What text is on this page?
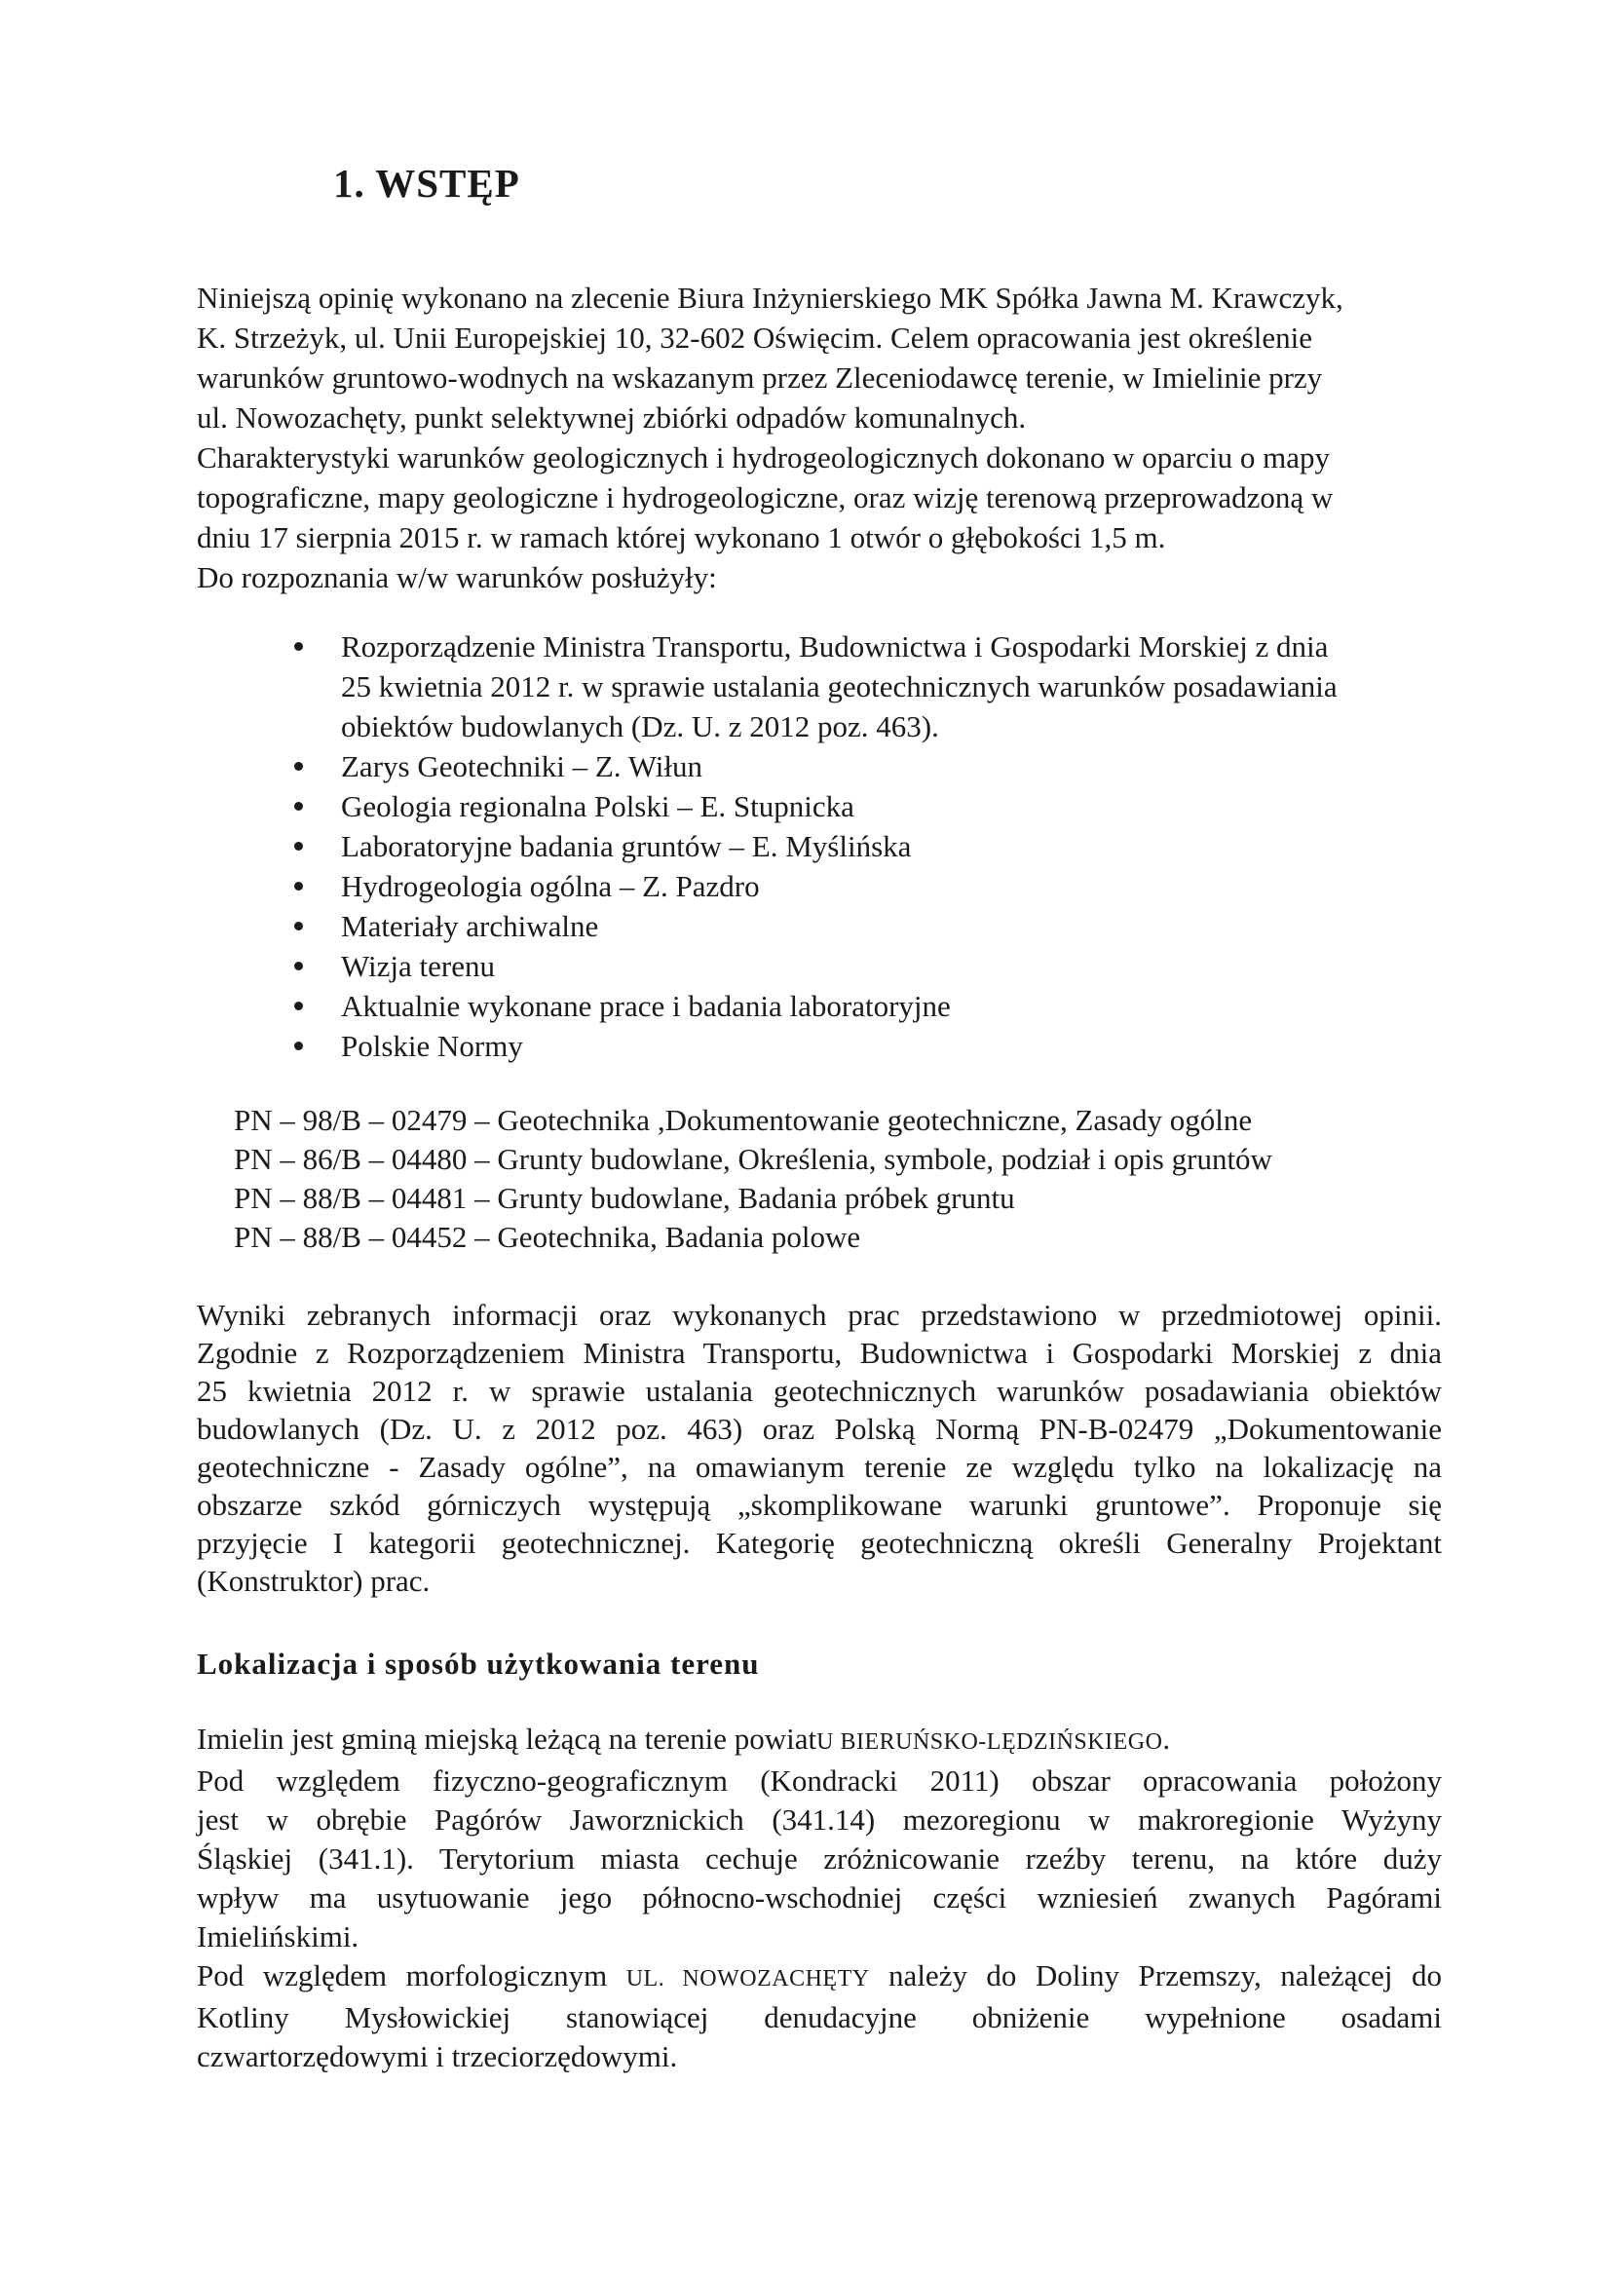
1. WSTĘP
Niniejszą opinię wykonano na zlecenie Biura Inżynierskiego MK Spółka Jawna M. Krawczyk,
K. Strzeżyk, ul. Unii Europejskiej 10, 32-602 Oświęcim. Celem opracowania jest określenie
warunków gruntowo-wodnych na wskazanym przez Zleceniodawcę terenie, w Imielinie przy
ul. Nowozachęty, punkt selektywnej zbiórki odpadów komunalnych.
Charakterystyki warunków geologicznych i hydrogeologicznych dokonano w oparciu o mapy
topograficzne, mapy geologiczne i hydrogeologiczne, oraz wizję terenową przeprowadzoną w
dniu 17 sierpnia 2015 r. w ramach której wykonano 1 otwór o głębokości 1,5 m.
Do rozpoznania w/w warunków posłużyły:
Rozporządzenie Ministra Transportu, Budownictwa i Gospodarki Morskiej z dnia
25 kwietnia 2012 r. w sprawie ustalania geotechnicznych warunków posadawiania
obiektów budowlanych (Dz. U. z 2012 poz. 463).
Zarys Geotechniki – Z. Wiłun
Geologia regionalna Polski – E. Stupnicka
Laboratoryjne badania gruntów – E. Myślińska
Hydrogeologia ogólna – Z. Pazdro
Materiały archiwalne
Wizja terenu
Aktualnie wykonane prace i badania laboratoryjne
Polskie Normy
PN – 98/B – 02479 – Geotechnika ,Dokumentowanie geotechniczne, Zasady ogólne
PN – 86/B – 04480 – Grunty budowlane, Określenia, symbole, podział i opis gruntów
PN – 88/B – 04481 – Grunty budowlane, Badania próbek gruntu
PN – 88/B – 04452 – Geotechnika, Badania polowe
Wyniki zebranych informacji oraz wykonanych prac przedstawiono w przedmiotowej opinii.
Zgodnie z Rozporządzeniem Ministra Transportu, Budownictwa i Gospodarki Morskiej z dnia
25 kwietnia 2012 r. w sprawie ustalania geotechnicznych warunków posadawiania obiektów
budowlanych (Dz. U. z 2012 poz. 463) oraz Polską Normą PN-B-02479 „Dokumentowanie
geotechniczne - Zasady ogólne”, na omawianym terenie ze względu tylko na lokalizację na
obszarze szkód górniczych występują „skomplikowane warunki gruntowe”. Proponuje się
przyjęcie I kategorii geotechnicznej. Kategorię geotechniczną określi Generalny Projektant
(Konstruktor) prac.
Lokalizacja i sposób użytkowania terenu
Imielin jest gminą miejską leżącą na terenie powiatU BIERUŃSKO-LĘDZIŃSKIEGO.
Pod względem fizyczno-geograficznym (Kondracki 2011) obszar opracowania położony
jest w obrębie Pagórów Jaworznickich (341.14) mezoregionu w makroregionie Wyżyny
Śląskiej (341.1). Terytorium miasta cechuje zróżnicowanie rzeźby terenu, na które duży
wpływ ma usytuowanie jego północno-wschodniej części wzniesień zwanych Pagórami
Imielińskimi.
Pod względem morfologicznym UL. NOWOZACHĘTY należy do Doliny Przemszy, należącej do
Kotliny Mysłowickiej stanowiącej denudacyjne obniżenie wypełnione osadami
czwartorzędowymi i trzeciorzędowymi.
